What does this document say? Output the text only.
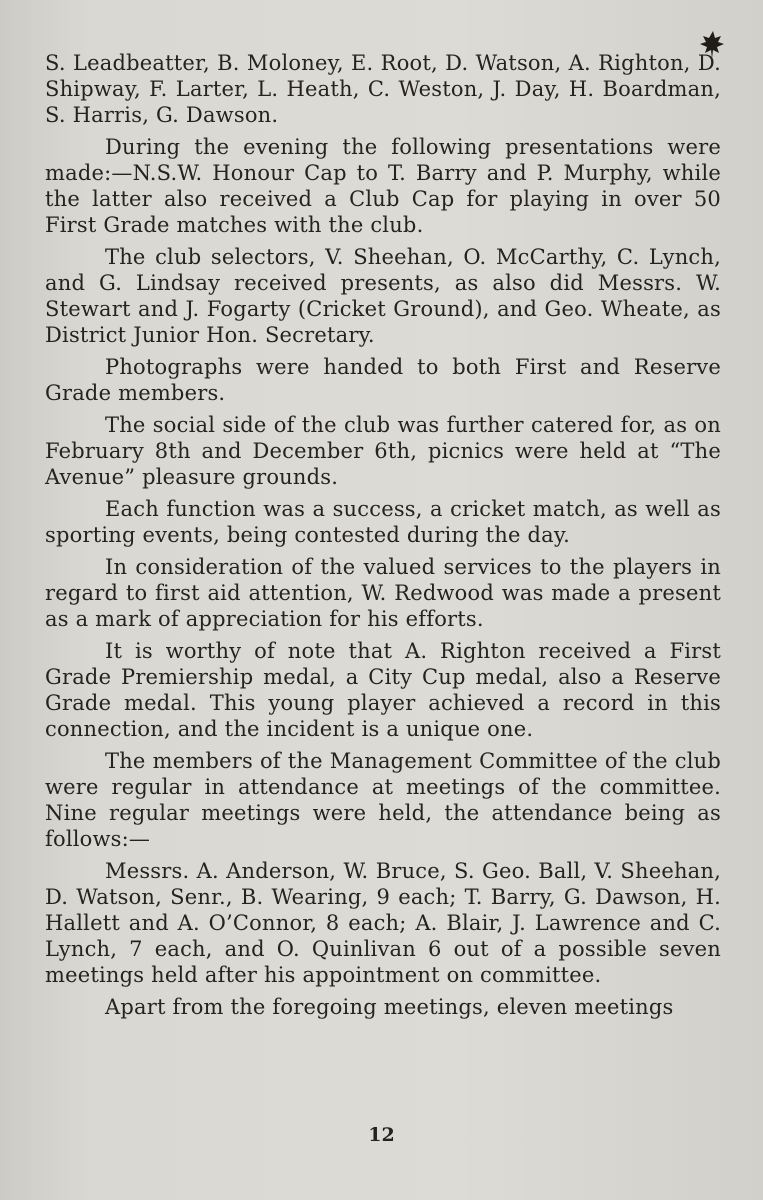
S. Leadbeatter, B. Moloney, E. Root, D. Watson, A. Righton, D. Shipway, F. Larter, L. Heath, C. Weston, J. Day, H. Boardman, S. Harris, G. Dawson.

During the evening the following presentations were made:—N.S.W. Honour Cap to T. Barry and P. Murphy, while the latter also received a Club Cap for playing in over 50 First Grade matches with the club.

The club selectors, V. Sheehan, O. McCarthy, C. Lynch, and G. Lindsay received presents, as also did Messrs. W. Stewart and J. Fogarty (Cricket Ground), and Geo. Wheate, as District Junior Hon. Secretary.

Photographs were handed to both First and Reserve Grade members.

The social side of the club was further catered for, as on February 8th and December 6th, picnics were held at “The Avenue” pleasure grounds.

Each function was a success, a cricket match, as well as sporting events, being contested during the day.

In consideration of the valued services to the players in regard to first aid attention, W. Redwood was made a present as a mark of appreciation for his efforts.

It is worthy of note that A. Righton received a First Grade Premiership medal, a City Cup medal, also a Reserve Grade medal. This young player achieved a record in this connection, and the incident is a unique one.

The members of the Management Committee of the club were regular in attendance at meetings of the committee. Nine regular meetings were held, the attendance being as follows:—

Messrs. A. Anderson, W. Bruce, S. Geo. Ball, V. Sheehan, D. Watson, Senr., B. Wearing, 9 each; T. Barry, G. Dawson, H. Hallett and A. O’Connor, 8 each; A. Blair, J. Lawrence and C. Lynch, 7 each, and O. Quinlivan 6 out of a possible seven meetings held after his appointment on committee.

Apart from the foregoing meetings, eleven meetings

12
